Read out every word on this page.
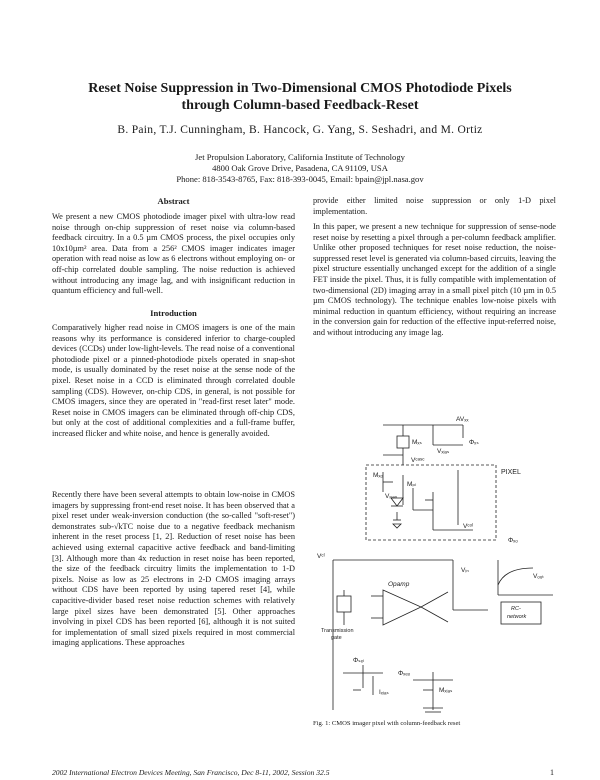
Reset Noise Suppression in Two-Dimensional CMOS Photodiode Pixels
through Column-based Feedback-Reset
B. Pain, T.J. Cunningham, B. Hancock, G. Yang, S. Seshadri, and M. Ortiz
Jet Propulsion Laboratory, California Institute of Technology
4800 Oak Grove Drive, Pasadena, CA 91109, USA
Phone: 818-3543-8765, Fax: 818-393-0045, Email: bpain@jpl.nasa.gov
Abstract
We present a new CMOS photodiode imager pixel with ultra-low read noise through on-chip suppression of reset noise via column-based feedback circuitry. In a 0.5 µm CMOS process, the pixel occupies only 10x10µm² area. Data from a 256² CMOS imager indicates imager operation with read noise as low as 6 electrons without employing on- or off-chip correlated double sampling. The noise reduction is achieved without introducing any image lag, and with insignificant reduction in quantum efficiency and full-well.
Introduction
Comparatively higher read noise in CMOS imagers is one of the main reasons why its performance is considered inferior to charge-coupled devices (CCDs) under low-light-levels. The read noise of a conventional photodiode pixel or a pinned-photodiode pixels operated in snap-shot mode, is usually dominated by the reset noise at the sense node of the pixel. Reset noise in a CCD is eliminated through correlated double sampling (CDS). However, on-chip CDS, in general, is not possible for CMOS imagers, since they are operated in "read-first reset later" mode. Reset noise in CMOS imagers can be eliminated through off-chip CDS, but only at the cost of additional complexities and a full-frame buffer, increased flicker and white noise, and hence is generally avoided.
Recently there have been several attempts to obtain low-noise in CMOS imagers by suppressing front-end reset noise. It has been observed that a pixel reset under weak-inversion conduction (the so-called "soft-reset") demonstrates sub-√kTC noise due to a negative feedback mechanism inherent in the reset process [1, 2]. Reduction of reset noise has been achieved using external capacitive active feedback and band-limiting [3]. Although more than 4x reduction in reset noise has been reported, the size of the feedback circuitry limits the implementation to 1-D pixels. Noise as low as 25 electrons in 2-D CMOS imaging arrays without CDS have been reported by using tapered reset [4], while capacitive-divider based reset noise reduction schemes with relatively large pixel sizes have been demonstrated [5]. Other approaches involving in pixel CDS has been reported [6], although it is not suited for implementation of small sized pixels required in most commercial imaging applications. These approaches
provide either limited noise suppression or only 1-D pixel implementation.
In this paper, we present a new technique for suppression of sense-node reset noise by resetting a pixel through a per-column feedback amplifier. Unlike other proposed techniques for reset noise reduction, the noise-suppressed reset level is generated via column-based circuits, leaving the pixel structure essentially unchanged except for the addition of a single FET inside the pixel. Thus, it is fully compatible with implementation of two-dimensional (2D) imaging array in a small pixel pitch (10 µm in 0.5 µm CMOS technology). The technique enables low-noise pixels with minimal reduction in quantum efficiency, without requiring an increase in the conversion gain for reduction of the effective input-referred noise, and without introducing any image lag.
AVₓₓ
Mₓₛ	Φₓₛ
Vₓᵢₐₛ
Vᶜᵃˢᶜ
PIXEL
Mₓₒ
Mₚₗ
Vₚₔₚ
Vᶜᵒˡ
Vᶜˡ
Vᵢₙ
Vₒᵤₜ
Φₓₒ
Opamp
Transmission
gate
RC-
network
Φₛₑₗ
Φₓₑₒ
Mₓᵢₐₛ
Iₓᵢₐₛ
Fig. 1: CMOS imager pixel with column-feedback reset
2002 International Electron Devices Meeting, San Francisco, Dec 8-11, 2002, Session 32.5	1
